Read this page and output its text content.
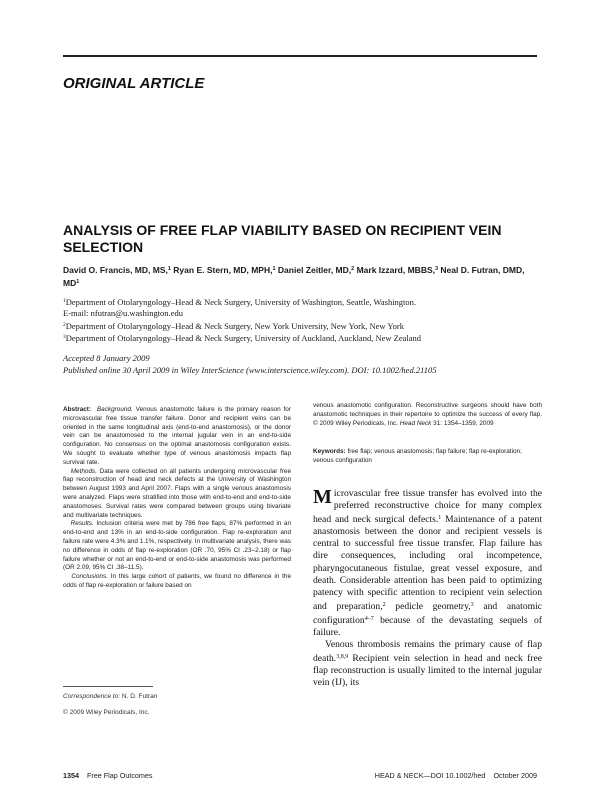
ORIGINAL ARTICLE
ANALYSIS OF FREE FLAP VIABILITY BASED ON RECIPIENT VEIN SELECTION
David O. Francis, MD, MS,$^1$ Ryan E. Stern, MD, MPH,$^1$ Daniel Zeitler, MD,$^2$ Mark Izzard, MBBS,$^3$ Neal D. Futran, DMD, $MD^1$
$^1$Department of Otolaryngology–Head & Neck Surgery, University of Washington, Seattle, Washington.
E-mail: nfutran@u.washington.edu
$^2$Department of Otolaryngology–Head & Neck Surgery, New York University, New York, New York
$^3$Department of Otolaryngology–Head & Neck Surgery, University of Auckland, Auckland, New Zealand
Accepted 8 January 2009
Published online 30 April 2009 in Wiley InterScience (www.interscience.wiley.com). DOI: 10.1002/hed.21105
Abstract: Background. Venous anastomotic failure is the primary reason for microvascular free tissue transfer failure. Donor and recipient veins can be oriented in the same longitudinal axis (end-to-end anastomosis), or the donor vein can be anastomosed to the internal jugular vein in an end-to-side configuration. No consensus on the optimal anastomosis configuration exists. We sought to evaluate whether type of venous anastomosis impacts flap survival rate.
Methods. Data were collected on all patients undergoing microvascular free flap reconstruction of head and neck defects at the University of Washington between August 1993 and April 2007. Flaps with a single venous anastomosis were analyzed. Flaps were stratified into those with end-to-end and end-to-side anastomoses. Survival rates were compared between groups using bivariate and multivariate techniques.
Results. Inclusion criteria were met by 786 free flaps; 87% performed in an end-to-end and 13% in an end-to-side configuration. Flap re-exploration and failure rate were 4.3% and 1.1%, respectively. In multivariate analysis, there was no difference in odds of flap re-exploration (OR .70, 95% CI .23–2.18) or flap failure whether or not an end-to-end or end-to-side anastomosis was performed (OR 2.09, 95% CI .38–11.5).
Conclusions. In this large cohort of patients, we found no difference in the odds of flap re-exploration or failure based on
Correspondence to: N. D. Futran
© 2009 Wiley Periodicals, Inc.
venous anastomotic configuration. Reconstructive surgeons should have both anastomotic techniques in their repertoire to optimize the success of every flap. © 2009 Wiley Periodicals, Inc. Head Neck 31: 1354–1359, 2009
Keywords: free flap; venous anastomosis; flap failure; flap re-exploration; venous configuration

Microvascular free tissue transfer has evolved into the preferred reconstructive choice for many complex head and neck surgical defects.$^1$ Maintenance of a patent anastomosis between the donor and recipient vessels is central to successful free tissue transfer. Flap failure has dire consequences, including oral incompetence, pharyngocutaneous fistulae, great vessel exposure, and death. Considerable attention has been paid to optimizing patency with specific attention to recipient vein selection and preparation,$^2$ pedicle geometry,$^3$ and anatomic configuration$^{4-7}$ because of the devastating sequels of failure.

Venous thrombosis remains the primary cause of flap death.$^{3,8,9}$ Recipient vein selection in head and neck free flap reconstruction is usually limited to the internal jugular vein (IJ), its

1354 Free Flap Outcomes	HEAD & NECK—DOI 10.1002/hed October 2009
